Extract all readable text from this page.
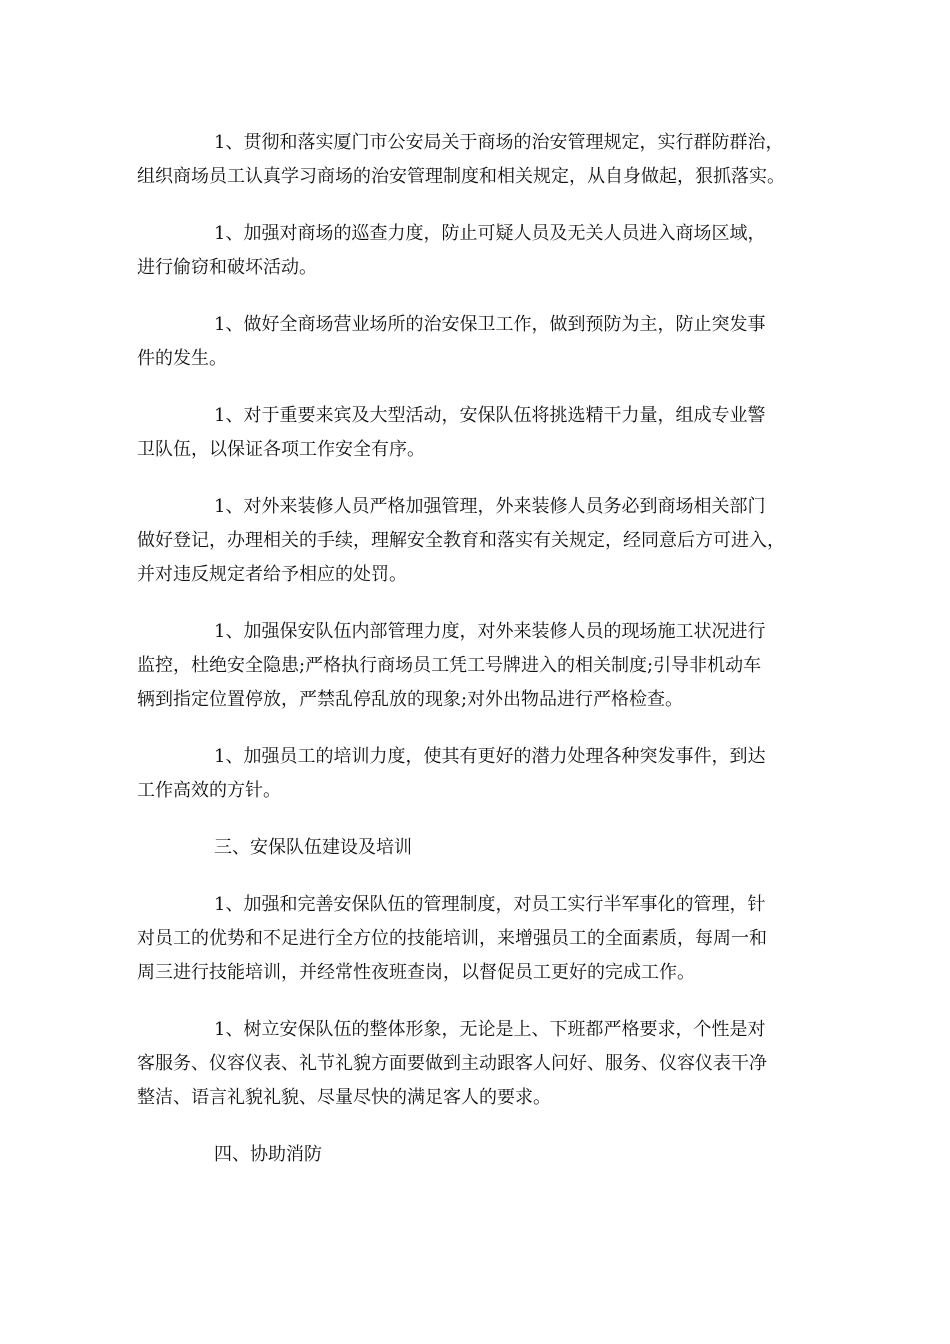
1、贯彻和落实厦门市公安局关于商场的治安管理规定，实行群防群治，
组织商场员工认真学习商场的治安管理制度和相关规定，从自身做起，狠抓落实。

1、加强对商场的巡查力度，防止可疑人员及无关人员进入商场区域，
进行偷窃和破坏活动。

1、做好全商场营业场所的治安保卫工作，做到预防为主，防止突发事
件的发生。

1、对于重要来宾及大型活动，安保队伍将挑选精干力量，组成专业警
卫队伍，以保证各项工作安全有序。

1、对外来装修人员严格加强管理，外来装修人员务必到商场相关部门
做好登记，办理相关的手续，理解安全教育和落实有关规定，经同意后方可进入，
并对违反规定者给予相应的处罚。

1、加强保安队伍内部管理力度，对外来装修人员的现场施工状况进行
监控，杜绝安全隐患;严格执行商场员工凭工号牌进入的相关制度;引导非机动车
辆到指定位置停放，严禁乱停乱放的现象;对外出物品进行严格检查。

1、加强员工的培训力度，使其有更好的潜力处理各种突发事件，到达
工作高效的方针。

三、安保队伍建设及培训

1、加强和完善安保队伍的管理制度，对员工实行半军事化的管理，针
对员工的优势和不足进行全方位的技能培训，来增强员工的全面素质，每周一和
周三进行技能培训，并经常性夜班查岗，以督促员工更好的完成工作。

1、树立安保队伍的整体形象，无论是上、下班都严格要求，个性是对
客服务、仪容仪表、礼节礼貌方面要做到主动跟客人问好、服务、仪容仪表干净
整洁、语言礼貌礼貌、尽量尽快的满足客人的要求。

四、协助消防
